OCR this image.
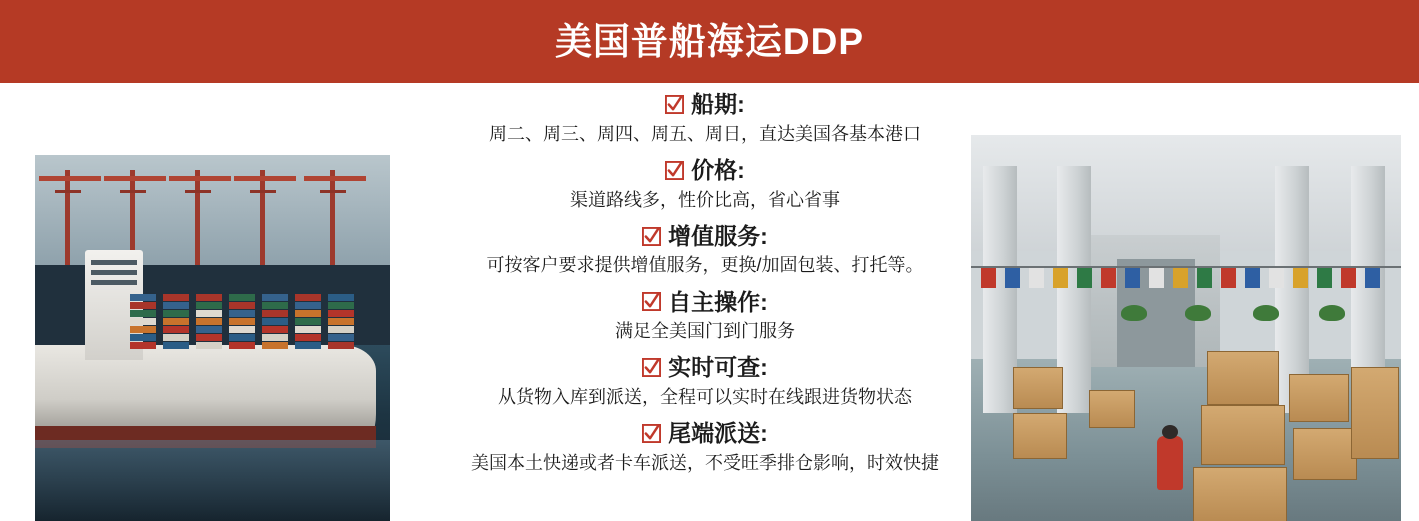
美国普船海运DDP
船期:
周二、周三、周四、周五、周日，直达美国各基本港口
价格:
渠道路线多，性价比高，省心省事
增值服务:
可按客户要求提供增值服务，更换/加固包装、打托等。
自主操作:
满足全美国门到门服务
实时可查:
从货物入库到派送，全程可以实时在线跟进货物状态
尾端派送:
美国本土快递或者卡车派送，不受旺季排仓影响，时效快捷
